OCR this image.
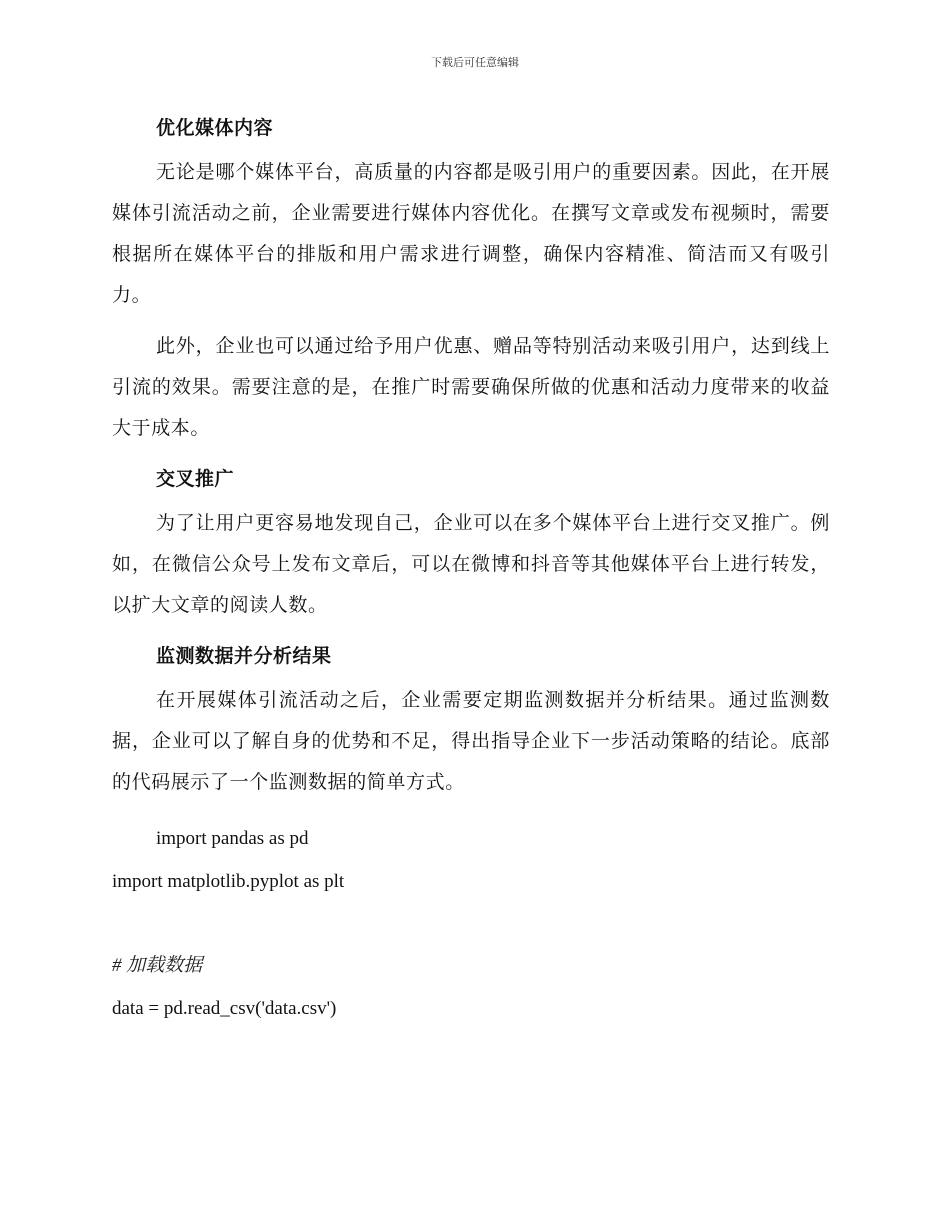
下载后可任意编辑
优化媒体内容

无论是哪个媒体平台，高质量的内容都是吸引用户的重要因素。因此，在开展媒体引流活动之前，企业需要进行媒体内容优化。在撰写文章或发布视频时，需要根据所在媒体平台的排版和用户需求进行调整，确保内容精准、简洁而又有吸引力。

此外，企业也可以通过给予用户优惠、赠品等特别活动来吸引用户，达到线上引流的效果。需要注意的是，在推广时需要确保所做的优惠和活动力度带来的收益大于成本。

交叉推广

为了让用户更容易地发现自己，企业可以在多个媒体平台上进行交叉推广。例如，在微信公众号上发布文章后，可以在微博和抖音等其他媒体平台上进行转发，以扩大文章的阅读人数。

监测数据并分析结果

在开展媒体引流活动之后，企业需要定期监测数据并分析结果。通过监测数据，企业可以了解自身的优势和不足，得出指导企业下一步活动策略的结论。底部的代码展示了一个监测数据的简单方式。

import pandas as pd
import matplotlib.pyplot as plt
# 加载数据
data = pd.read_csv('data.csv')
